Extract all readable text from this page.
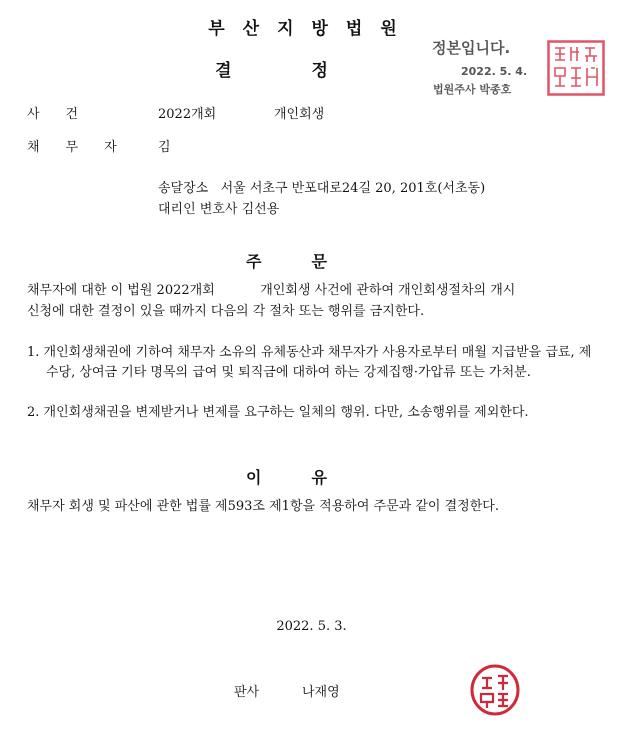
부산지방법원
결정
정본입니다.
2022. 5. 4.
법원주사 박종호
사건	2022개회	개인회생
채무자 김
송달장소   서울 서초구 반포대로24길 20, 201호(서초동)
대리인 변호사 김선용
주문
채무자에 대한 이 법원 2022개회           개인회생 사건에 관하여 개인회생절차의 개시
신청에 대한 결정이 있을 때까지 다음의 각 절차 또는 행위를 금지한다.
1. 개인회생채권에 기하여 채무자 소유의 유체동산과 채무자가 사용자로부터 매월 지급받을 급료, 제수당, 상여금 기타 명목의 급여 및 퇴직금에 대하여 하는 강제집행·가압류 또는 가처분.
2. 개인회생채권을 변제받거나 변제를 요구하는 일체의 행위. 다만, 소송행위를 제외한다.
이유
채무자 회생 및 파산에 관한 법률 제593조 제1항을 적용하여 주문과 같이 결정한다.
2022. 5. 3.
판사	나재영
